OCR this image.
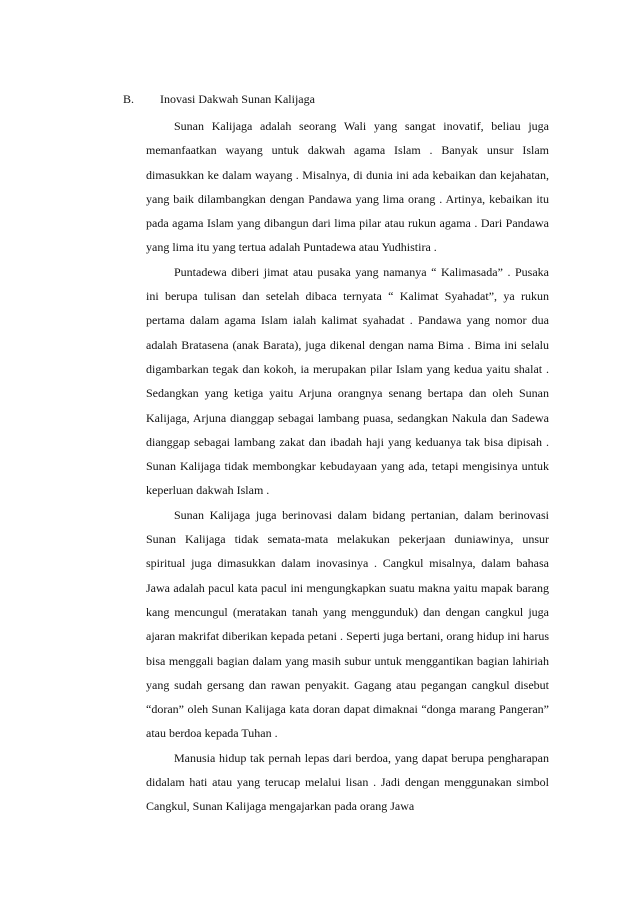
B. Inovasi Dakwah Sunan Kalijaga

Sunan Kalijaga adalah seorang Wali yang sangat inovatif, beliau juga memanfaatkan wayang untuk dakwah agama Islam . Banyak unsur Islam dimasukkan ke dalam wayang . Misalnya, di dunia ini ada kebaikan dan kejahatan, yang baik dilambangkan dengan Pandawa yang lima orang . Artinya, kebaikan itu pada agama Islam yang dibangun dari lima pilar atau rukun agama . Dari Pandawa yang lima itu yang tertua adalah Puntadewa atau Yudhistira .

Puntadewa diberi jimat atau pusaka yang namanya “ Kalimasada” . Pusaka ini berupa tulisan dan setelah dibaca ternyata “ Kalimat Syahadat”, ya rukun pertama dalam agama Islam ialah kalimat syahadat . Pandawa yang nomor dua adalah Bratasena (anak Barata), juga dikenal dengan nama Bima . Bima ini selalu digambarkan tegak dan kokoh, ia merupakan pilar Islam yang kedua yaitu shalat . Sedangkan yang ketiga yaitu Arjuna orangnya senang bertapa dan oleh Sunan Kalijaga, Arjuna dianggap sebagai lambang puasa, sedangkan Nakula dan Sadewa dianggap sebagai lambang zakat dan ibadah haji yang keduanya tak bisa dipisah . Sunan Kalijaga tidak membongkar kebudayaan yang ada, tetapi mengisinya untuk keperluan dakwah Islam .

Sunan Kalijaga juga berinovasi dalam bidang pertanian, dalam berinovasi Sunan Kalijaga tidak semata-mata melakukan pekerjaan duniawinya, unsur spiritual juga dimasukkan dalam inovasinya . Cangkul misalnya, dalam bahasa Jawa adalah pacul kata pacul ini mengungkapkan suatu makna yaitu mapak barang kang mencungul (meratakan tanah yang menggunduk) dan dengan cangkul juga ajaran makrifat diberikan kepada petani . Seperti juga bertani, orang hidup ini harus bisa menggali bagian dalam yang masih subur untuk menggantikan bagian lahiriah yang sudah gersang dan rawan penyakit. Gagang atau pegangan cangkul disebut “doran” oleh Sunan Kalijaga kata doran dapat dimaknai “donga marang Pangeran” atau berdoa kepada Tuhan .

Manusia hidup tak pernah lepas dari berdoa, yang dapat berupa pengharapan didalam hati atau yang terucap melalui lisan . Jadi dengan menggunakan simbol Cangkul, Sunan Kalijaga mengajarkan pada orang Jawa
